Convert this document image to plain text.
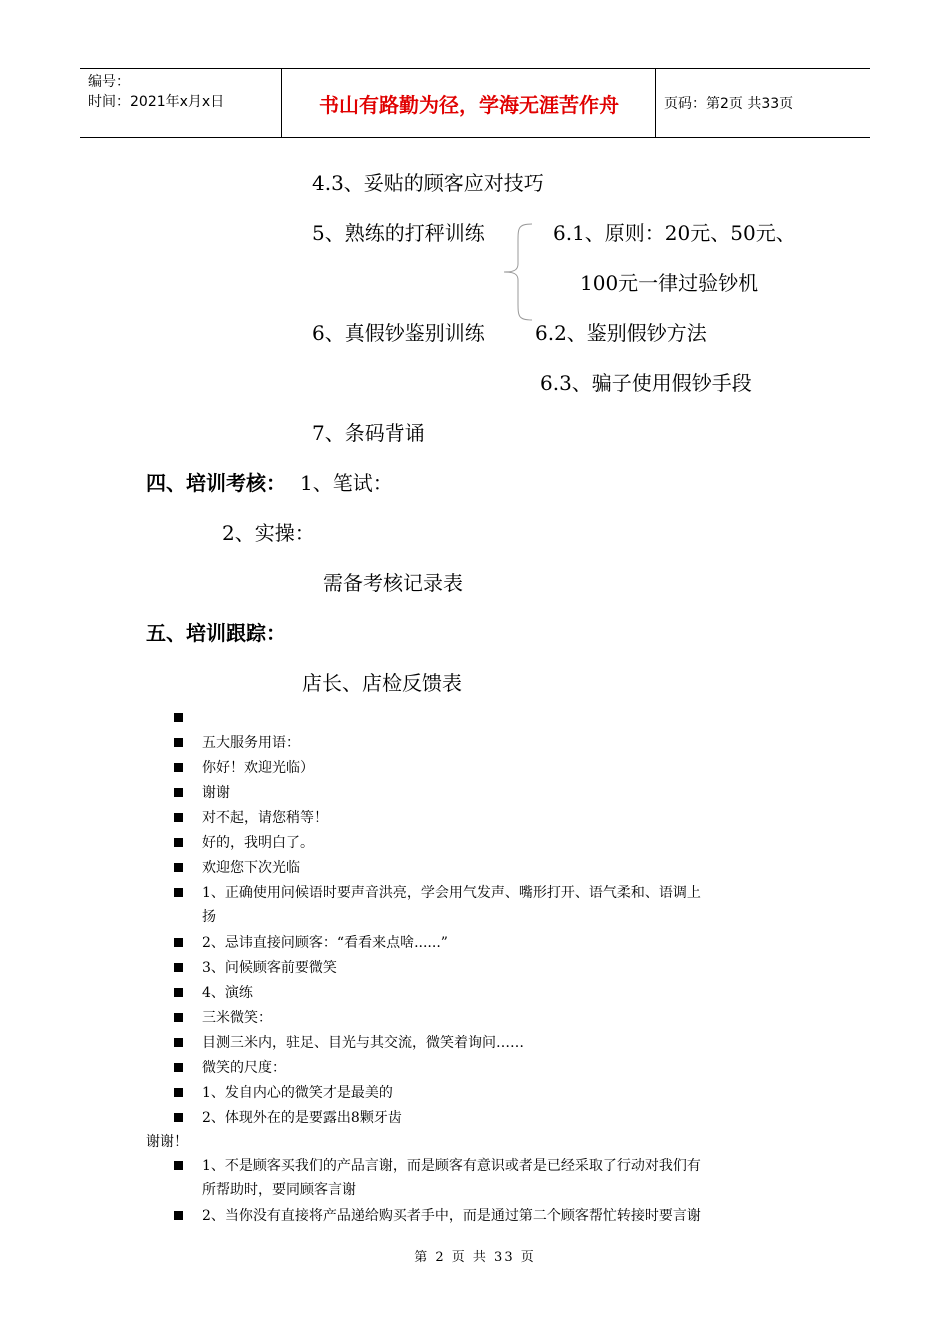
编号：
时间：2021年x月x日	书山有路勤为径，学海无涯苦作舟	页码：第2页 共33页
4.3、妥贴的顾客应对技巧
5、熟练的打秤训练	6.1、原则：20元、50元、
100元一律过验钞机
6、真假钞鉴别训练	6.2、鉴别假钞方法
6.3、骗子使用假钞手段
7、条码背诵
四、培训考核： 1、笔试：
2、实操：
需备考核记录表
五、培训跟踪：
店长、店检反馈表
五大服务用语：
你好！欢迎光临）
谢谢
对不起，请您稍等！
好的，我明白了。
欢迎您下次光临
1、正确使用问候语时要声音洪亮，学会用气发声、嘴形打开、语气柔和、语调上
扬
2、忌讳直接问顾客：“看看来点啥......”
3、问候顾客前要微笑
4、演练
三米微笑：
目测三米内，驻足、目光与其交流，微笑着询问……
微笑的尺度：
1、发自内心的微笑才是最美的
2、体现外在的是要露出8颗牙齿
谢谢！
1、不是顾客买我们的产品言谢，而是顾客有意识或者是已经采取了行动对我们有
所帮助时，要同顾客言谢
2、当你没有直接将产品递给购买者手中，而是通过第二个顾客帮忙转接时要言谢
第 2 页 共 33 页
